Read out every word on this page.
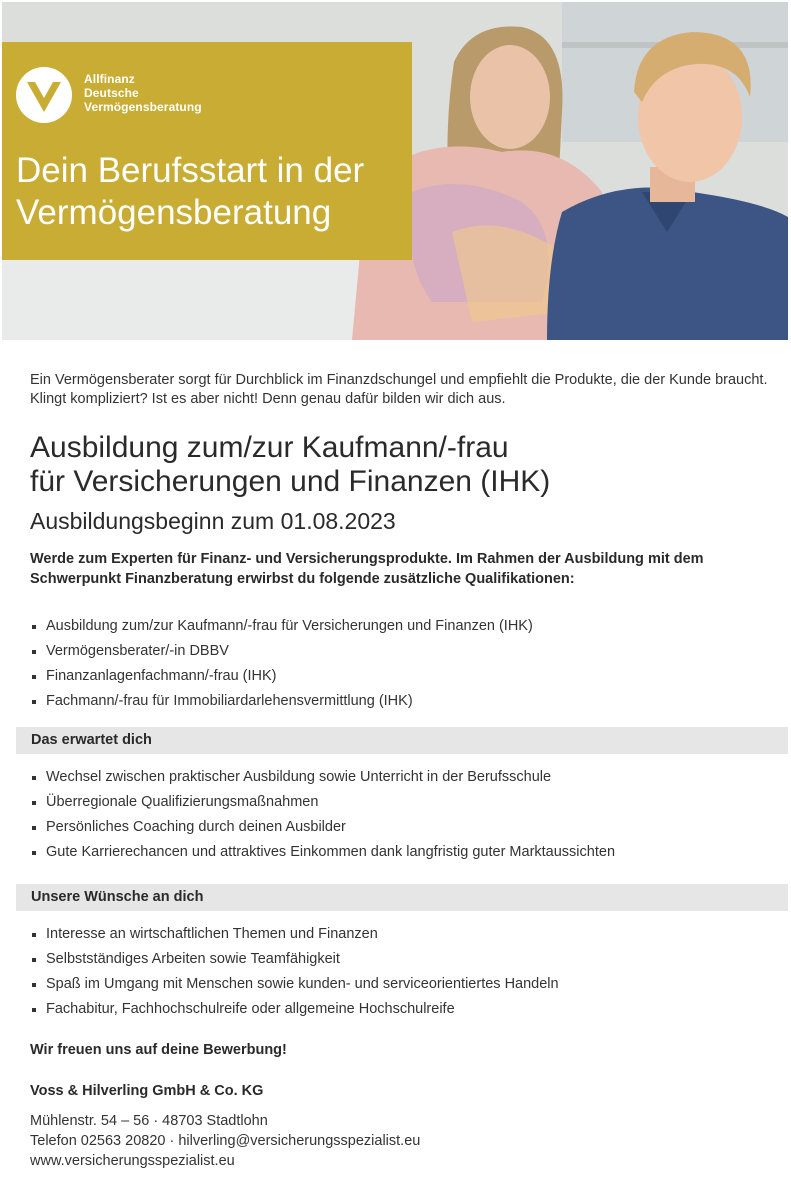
Allfinanz
Deutsche
Vermögensberatung
Dein Berufsstart in der
Vermögensberatung

Ein Vermögensberater sorgt für Durchblick im Finanzdschungel und empfiehlt die Produkte, die der Kunde braucht. Klingt kompliziert? Ist es aber nicht! Denn genau dafür bilden wir dich aus.

Ausbildung zum/zur Kaufmann/-frau
für Versicherungen und Finanzen (IHK)
Ausbildungsbeginn zum 01.08.2023

Werde zum Experten für Finanz- und Versicherungsprodukte. Im Rahmen der Ausbildung mit dem Schwerpunkt Finanzberatung erwirbst du folgende zusätzliche Qualifikationen:

Ausbildung zum/zur Kaufmann/-frau für Versicherungen und Finanzen (IHK)
Vermögensberater/-in DBBV
Finanzanlagenfachmann/-frau (IHK)
Fachmann/-frau für Immobiliardarlehensvermittlung (IHK)
Das erwartet dich
Wechsel zwischen praktischer Ausbildung sowie Unterricht in der Berufsschule
Überregionale Qualifizierungsmaßnahmen
Persönliches Coaching durch deinen Ausbilder
Gute Karrierechancen und attraktives Einkommen dank langfristig guter Marktaussichten
Unsere Wünsche an dich
Interesse an wirtschaftlichen Themen und Finanzen
Selbstständiges Arbeiten sowie Teamfähigkeit
Spaß im Umgang mit Menschen sowie kunden- und serviceorientiertes Handeln
Fachabitur, Fachhochschulreife oder allgemeine Hochschulreife
Wir freuen uns auf deine Bewerbung!
Voss & Hilverling GmbH & Co. KG
Mühlenstr. 54 – 56 · 48703 Stadtlohn
Telefon 02563 20820 · hilverling@versicherungsspezialist.eu
www.versicherungsspezialist.eu
